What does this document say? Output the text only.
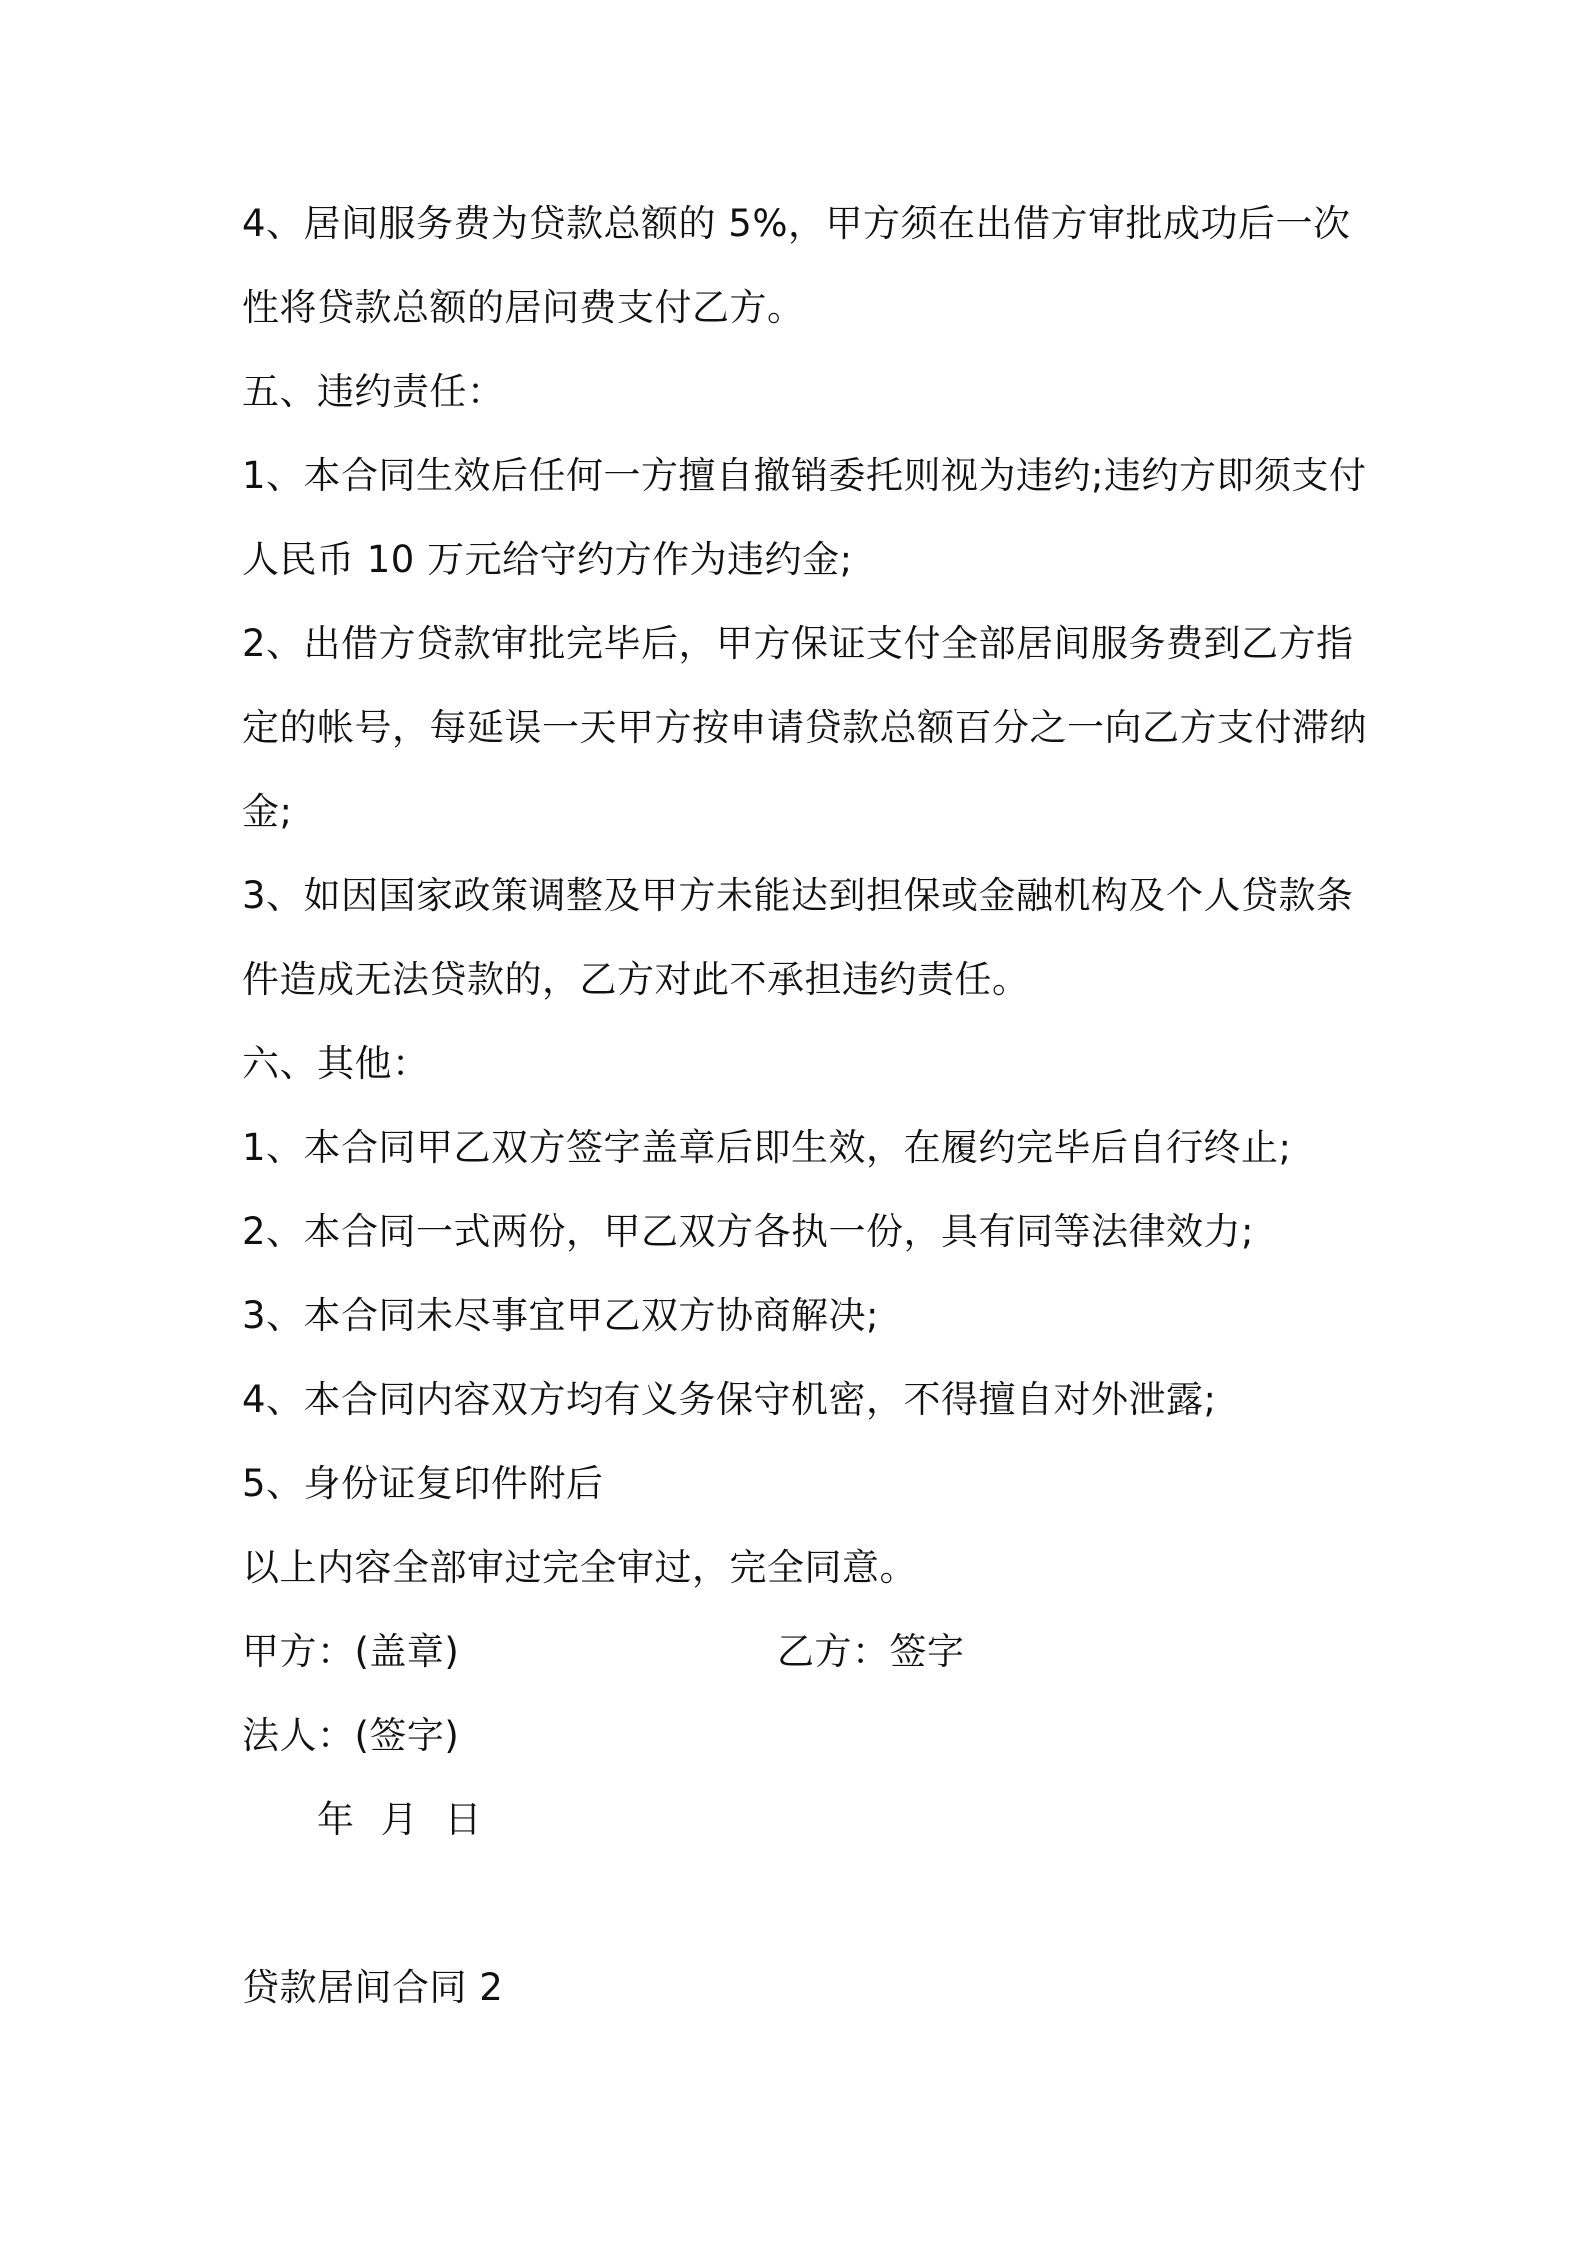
4、居间服务费为贷款总额的 5%，甲方须在出借方审批成功后一次
性将贷款总额的居问费支付乙方。
五、违约责任：
1、本合同生效后任何一方擅自撤销委托则视为违约;违约方即须支付
人民币 10 万元给守约方作为违约金;
2、出借方贷款审批完毕后，甲方保证支付全部居间服务费到乙方指
定的帐号，每延误一天甲方按申请贷款总额百分之一向乙方支付滞纳
金;
3、如因国家政策调整及甲方未能达到担保或金融机构及个人贷款条
件造成无法贷款的，乙方对此不承担违约责任。
六、其他：
1、本合同甲乙双方签字盖章后即生效，在履约完毕后自行终止;
2、本合同一式两份，甲乙双方各执一份，具有同等法律效力;
3、本合同未尽事宜甲乙双方协商解决;
4、本合同内容双方均有义务保守机密，不得擅自对外泄露;
5、身份证复印件附后
以上内容全部审过完全审过，完全同意。
甲方：(盖章)	乙方：签字
法人：(签字)
年 月 日
贷款居间合同 2
